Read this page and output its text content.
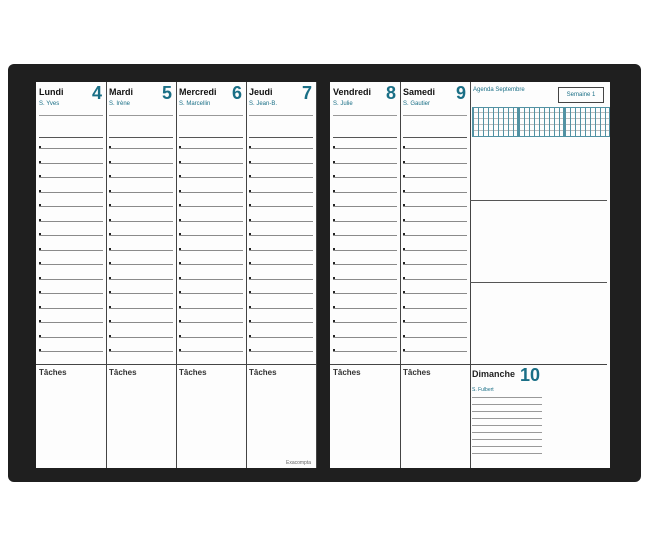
Lundi 4
S. Yves
Mardi 5
S. Irène
Mercredi 6
S. Marcellin
Jeudi 7
S. Jean-B.
Tâches	Tâches	Tâches	Tâches
Exacompta
Vendredi 8
S. Julie
Samedi 9
S. Gautier
Agenda Septembre
Semaine 1
Tâches	Tâches	Dimanche 10
S. Fulbert
